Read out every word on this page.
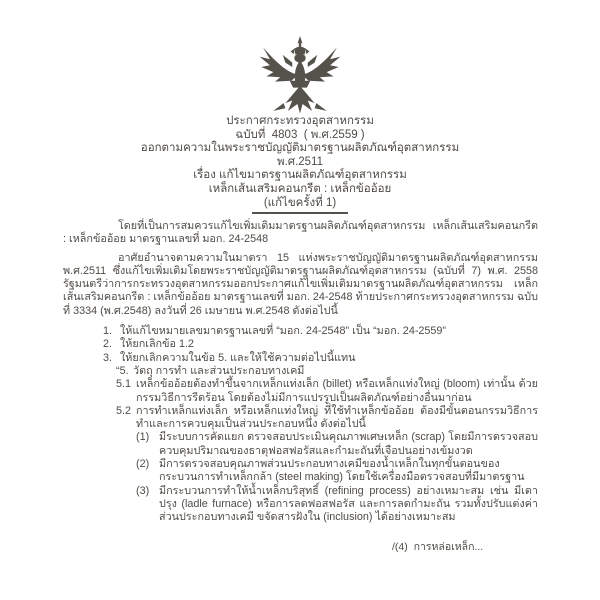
ประกาศกระทรวงอุตสาหกรรม
ฉบับที่  4803  ( พ.ศ.2559 )
ออกตามความในพระราชบัญญัติมาตรฐานผลิตภัณฑ์อุตสาหกรรม
พ.ศ.2511
เรื่อง แก้ไขมาตรฐานผลิตภัณฑ์อุตสาหกรรม
เหล็กเส้นเสริมคอนกรีต : เหล็กข้ออ้อย
(แก้ไขครั้งที่ 1)

โดยที่เป็นการสมควรแก้ไขเพิ่มเติมมาตรฐานผลิตภัณฑ์อุตสาหกรรม เหล็กเส้นเสริมคอนกรีต : เหล็กข้ออ้อย มาตรฐานเลขที่ มอก. 24-2548

อาศัยอำนาจตามความในมาตรา 15 แห่งพระราชบัญญัติมาตรฐานผลิตภัณฑ์อุตสาหกรรม พ.ศ.2511 ซึ่งแก้ไขเพิ่มเติมโดยพระราชบัญญัติมาตรฐานผลิตภัณฑ์อุตสาหกรรม (ฉบับที่ 7) พ.ศ. 2558 รัฐมนตรีว่าการกระทรวงอุตสาหกรรมออกประกาศแก้ไขเพิ่มเติมมาตรฐานผลิตภัณฑ์อุตสาหกรรม เหล็กเส้นเสริมคอนกรีต : เหล็กข้ออ้อย มาตรฐานเลขที่ มอก. 24-2548 ท้ายประกาศกระทรวงอุตสาหกรรม ฉบับที่ 3334 (พ.ศ.2548) ลงวันที่ 26 เมษายน พ.ศ.2548 ดังต่อไปนี้

1. ให้แก้ไขหมายเลขมาตรฐานเลขที่ “มอก. 24-2548” เป็น “มอก. 24-2559”
2. ให้ยกเลิกข้อ 1.2
3. ให้ยกเลิกความในข้อ 5. และให้ใช้ความต่อไปนี้แทน
“5. วัตถุ การทำ และส่วนประกอบทางเคมี
5.1 เหล็กข้ออ้อยต้องทำขึ้นจากเหล็กแท่งเล็ก (billet) หรือเหล็กแท่งใหญ่ (bloom) เท่านั้น ด้วยกรรมวิธีการรีดร้อน โดยต้องไม่มีการแปรรูปเป็นผลิตภัณฑ์อย่างอื่นมาก่อน
5.2 การทำเหล็กแท่งเล็ก หรือเหล็กแท่งใหญ่ ที่ใช้ทำเหล็กข้ออ้อย ต้องมีขั้นตอนกรรมวิธีการทำและการควบคุมเป็นส่วนประกอบหนึ่ง ดังต่อไปนี้
(1) มีระบบการคัดแยก ตรวจสอบประเมินคุณภาพเศษเหล็ก (scrap) โดยมีการตรวจสอบควบคุมปริมาณของธาตุฟอสฟอรัสและกำมะถันที่เจือปนอย่างเข้มงวด
(2) มีการตรวจสอบคุณภาพส่วนประกอบทางเคมีของน้ำเหล็กในทุกขั้นตอนของกระบวนการทำเหล็กกล้า (steel making) โดยใช้เครื่องมือตรวจสอบที่มีมาตรฐาน
(3) มีกระบวนการทำให้น้ำเหล็กบริสุทธิ์ (refining process) อย่างเหมาะสม เช่น มีเตาปรุง (ladle furnace) หรือการลดฟอสฟอรัส และการลดกำมะถัน รวมทั้งปรับแต่งค่าส่วนประกอบทางเคมี ขจัดสารฝังใน (inclusion) ได้อย่างเหมาะสม
/(4)  การหล่อเหล็ก...
